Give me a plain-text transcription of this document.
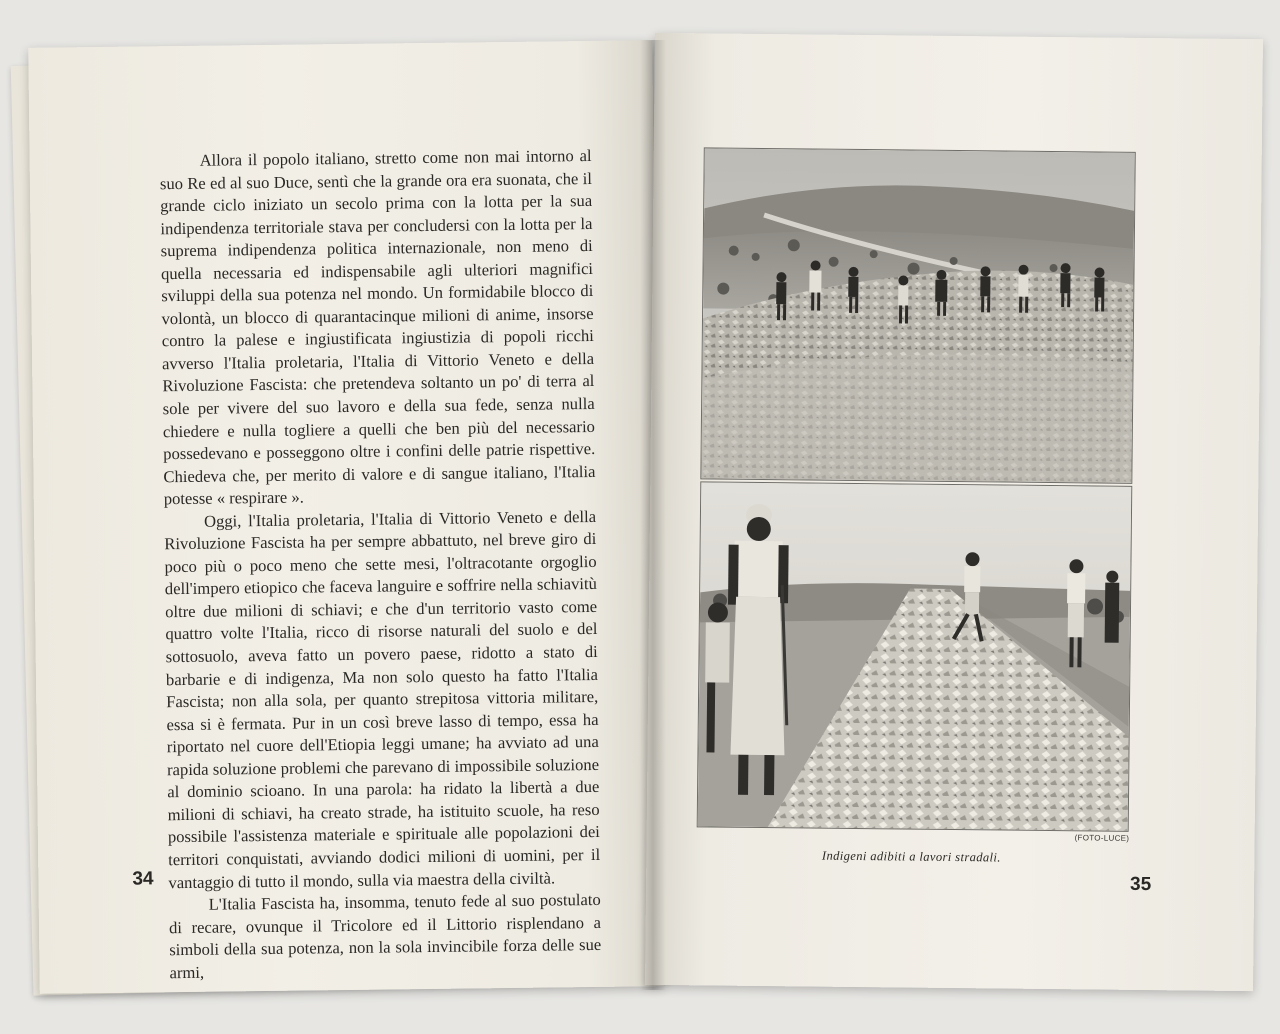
Allora il popolo italiano, stretto come non mai intorno al suo Re ed al suo Duce, sentì che la grande ora era suonata, che il grande ciclo iniziato un secolo prima con la lotta per la sua indipendenza territoriale stava per concludersi con la lotta per la suprema indipendenza politica internazionale, non meno di quella necessaria ed indispensabile agli ulteriori magnifici sviluppi della sua potenza nel mondo. Un formidabile blocco di volontà, un blocco di quarantacinque milioni di anime, insorse contro la palese e ingiustificata ingiustizia di popoli ricchi avverso l'Italia proletaria, l'Italia di Vittorio Veneto e della Rivoluzione Fascista: che pretendeva soltanto un po' di terra al sole per vivere del suo lavoro e della sua fede, senza nulla chiedere e nulla togliere a quelli che ben più del necessario possedevano e posseggono oltre i confini delle patrie rispettive. Chiedeva che, per merito di valore e di sangue italiano, l'Italia potesse « respirare ».

Oggi, l'Italia proletaria, l'Italia di Vittorio Veneto e della Rivoluzione Fascista ha per sempre abbattuto, nel breve giro di poco più o poco meno che sette mesi, l'oltracotante orgoglio dell'impero etiopico che faceva languire e soffrire nella schiavitù oltre due milioni di schiavi; e che d'un territorio vasto come quattro volte l'Italia, ricco di risorse naturali del suolo e del sottosuolo, aveva fatto un povero paese, ridotto a stato di barbarie e di indigenza, Ma non solo questo ha fatto l'Italia Fascista; non alla sola, per quanto strepitosa vittoria militare, essa si è fermata. Pur in un così breve lasso di tempo, essa ha riportato nel cuore dell'Etiopia leggi umane; ha avviato ad una rapida soluzione problemi che parevano di impossibile soluzione al dominio scioano. In una parola: ha ridato la libertà a due milioni di schiavi, ha creato strade, ha istituito scuole, ha reso possibile l'assistenza materiale e spirituale alle popolazioni dei territori conquistati, avviando dodici milioni di uomini, per il vantaggio di tutto il mondo, sulla via maestra della civiltà.

L'Italia Fascista ha, insomma, tenuto fede al suo postulato di recare, ovunque il Tricolore ed il Littorio risplendano a simboli della sua potenza, non la sola invincibile forza delle sue armi,

34
(FOTO-LUCE)
Indigeni adibiti a lavori stradali.
35
